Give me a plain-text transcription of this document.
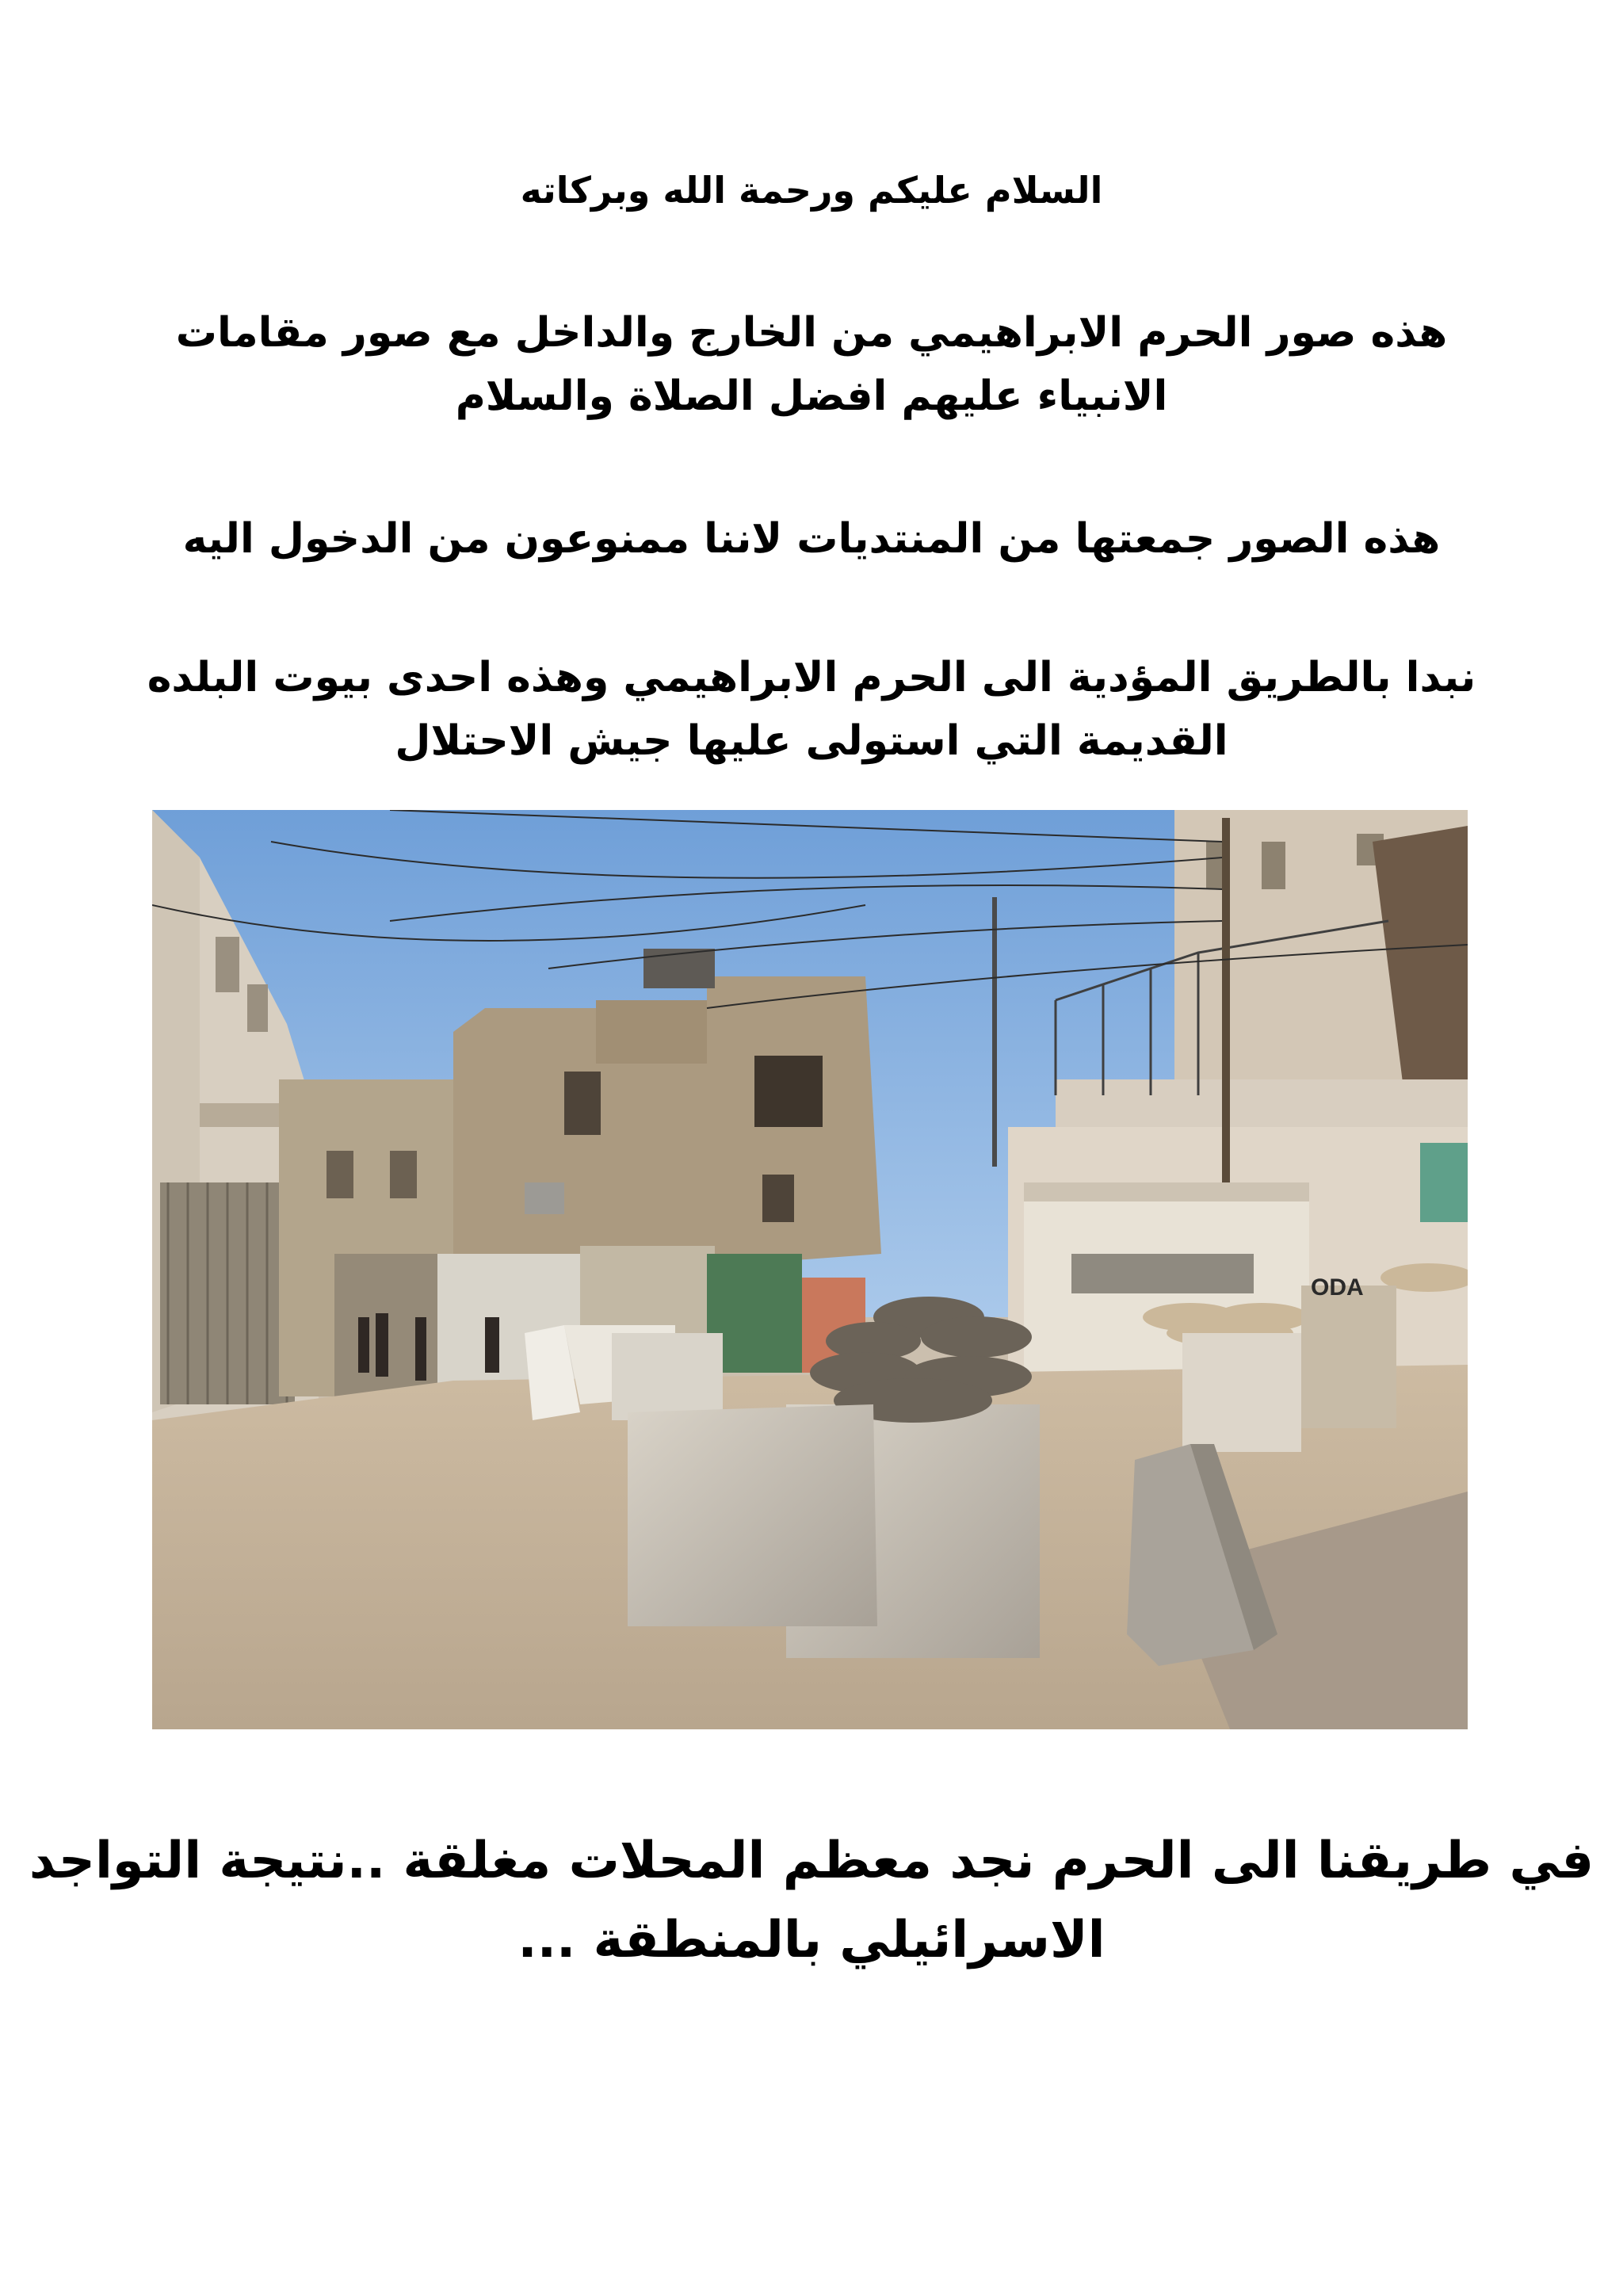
السلام عليكم ورحمة الله وبركاته

هذه صور الحرم الابراهيمي من الخارج والداخل مع صور مقامات
الانبياء عليهم افضل الصلاة والسلام

هذه الصور جمعتها من المنتديات لاننا ممنوعون من الدخول اليه

نبدا بالطريق المؤدية الى الحرم الابراهيمي وهذه احدى بيوت البلده
القديمة التي استولى عليها جيش الاحتلال

ODA

في طريقنا الى الحرم نجد معظم المحلات مغلقة ..نتيجة التواجد
الاسرائيلي بالمنطقة ...
